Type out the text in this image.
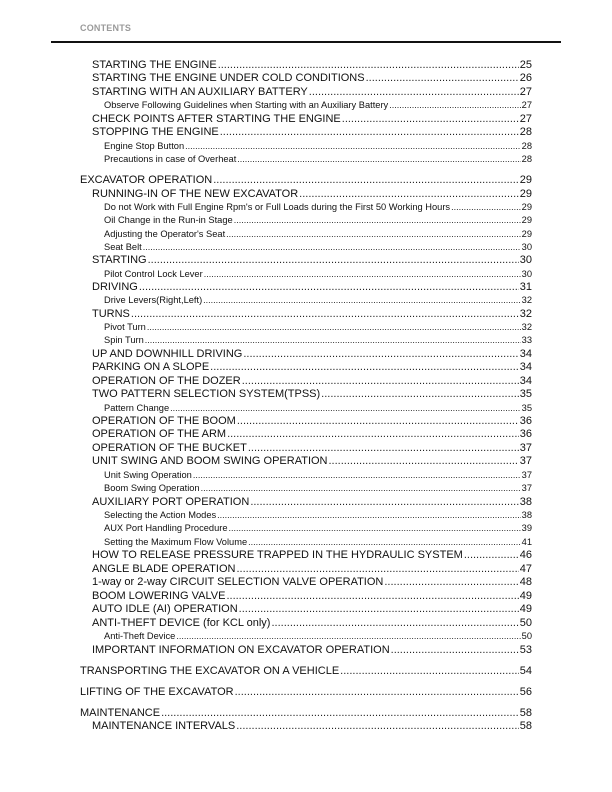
CONTENTS
STARTING THE ENGINE .....	25
STARTING THE ENGINE UNDER COLD CONDITIONS .....	26
STARTING WITH AN AUXILIARY BATTERY .....	27
Observe Following Guidelines when Starting with an Auxiliary Battery .....	27
CHECK POINTS AFTER STARTING THE ENGINE .....	27
STOPPING THE ENGINE .....	28
Engine Stop Button .....	28
Precautions in case of Overheat .....	28
EXCAVATOR OPERATION .....	29
RUNNING-IN OF THE NEW EXCAVATOR .....	29
Do not Work with Full Engine Rpm's or Full Loads during the First 50 Working Hours .....	29
Oil Change in the Run-in Stage .....	29
Adjusting the Operator's Seat .....	29
Seat Belt .....	30
STARTING .....	30
Pilot Control Lock Lever .....	30
DRIVING .....	31
Drive Levers(Right,Left) .....	32
TURNS .....	32
Pivot Turn .....	32
Spin Turn .....	33
UP AND DOWNHILL DRIVING .....	34
PARKING ON A SLOPE .....	34
OPERATION OF THE DOZER .....	34
TWO PATTERN SELECTION SYSTEM(TPSS) .....	35
Pattern Change .....	35
OPERATION OF THE BOOM .....	36
OPERATION OF THE ARM .....	36
OPERATION OF THE BUCKET .....	37
UNIT SWING AND BOOM SWING OPERATION .....	37
Unit Swing Operation .....	37
Boom Swing Operation .....	37
AUXILIARY PORT OPERATION .....	38
Selecting the Action Modes .....	38
AUX Port Handling Procedure .....	39
Setting the Maximum Flow Volume .....	41
HOW TO RELEASE PRESSURE TRAPPED IN THE HYDRAULIC SYSTEM .....	46
ANGLE BLADE OPERATION .....	47
1-way or 2-way CIRCUIT SELECTION VALVE OPERATION .....	48
BOOM LOWERING VALVE .....	49
AUTO IDLE (AI) OPERATION .....	49
ANTI-THEFT DEVICE (for KCL only) .....	50
Anti-Theft Device .....	50
IMPORTANT INFORMATION ON EXCAVATOR OPERATION .....	53
TRANSPORTING THE EXCAVATOR ON A VEHICLE .....	54
LIFTING OF THE EXCAVATOR .....	56
MAINTENANCE .....	58
MAINTENANCE INTERVALS .....	58
